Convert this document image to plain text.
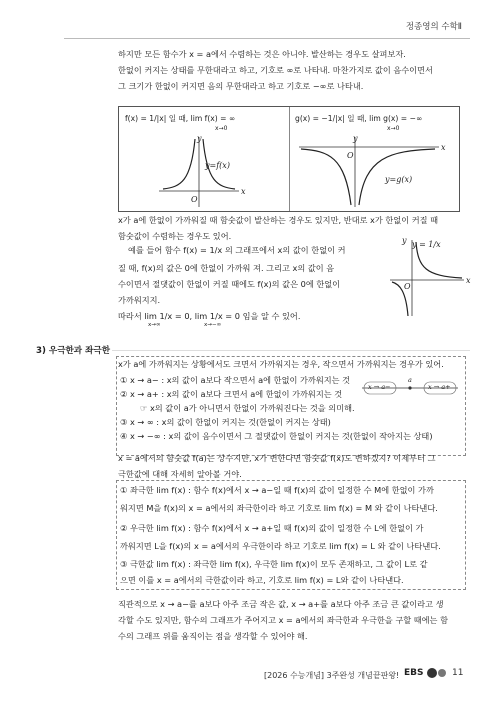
정종영의 수학Ⅱ
하지만 모든 함수가 x = a에서 수렴하는 것은 아니야. 발산하는 경우도 살펴보자.
한없이 커지는 상태를 무한대라고 하고, 기호로 ∞로 나타내. 마찬가지로 값이 음수이면서
그 크기가 한없이 커지면 음의 무한대라고 하고 기호로 −∞로 나타내.
f(x) = 1/|x| 일 때, lim f(x) = ∞
x→0
y
x
O
y=f(x)
g(x) = −1/|x| 일 때, lim g(x) = −∞
x→0
y
x
O
y=g(x)
x가 a에 한없이 가까워질 때 함숫값이 발산하는 경우도 있지만, 반대로 x가 한없이 커질 때
함숫값이 수렴하는 경우도 있어.
예를 들어 함수 f(x) = 1/x 의 그래프에서 x의 값이 한없이 커
질 때, f(x)의 값은 0에 한없이 가까워 져. 그리고 x의 값이 음
수이면서 절댓값이 한없이 커질 때에도 f(x)의 값은 0에 한없이
가까워지지.
따라서 lim 1/x = 0, lim 1/x = 0 임을 알 수 있어.
x→∞	x→−∞
y = 1/x
y
x
O
3) 우극한과 좌극한
x가 a에 가까워지는 상황에서도 크면서 가까워지는 경우, 작으면서 가까워지는 경우가 있어.
① x → a− : x의 값이 a보다 작으면서 a에 한없이 가까워지는 것
② x → a+ : x의 값이 a보다 크면서 a에 한없이 가까워지는 것
☞ x의 값이 a가 아니면서 한없이 가까워진다는 것을 의미해.
③ x → ∞ : x의 값이 한없이 커지는 것(한없이 커지는 상태)
④ x → −∞ : x의 값이 음수이면서 그 절댓값이 한없이 커지는 것(한없이 작아지는 상태)
x → a−
a
x → a+
x = a에서의 함숫값 f(a)는 상수지만, x가 변한다면 함숫값 f(x)도 변하겠지? 이제부터 그
극한값에 대해 자세히 알아볼 거야.
① 좌극한 lim f(x) : 함수 f(x)에서 x → a−일 때 f(x)의 값이 일정한 수 M에 한없이 가까
워지면 M을 f(x)의 x = a에서의 좌극한이라 하고 기호로 lim f(x) = M 와 같이 나타낸다.
② 우극한 lim f(x) : 함수 f(x)에서 x → a+일 때 f(x)의 값이 일정한 수 L에 한없이 가
까워지면 L을 f(x)의 x = a에서의 우극한이라 하고 기호로 lim f(x) = L 와 같이 나타낸다.
③ 극한값 lim f(x) : 좌극한 lim f(x), 우극한 lim f(x)이 모두 존재하고, 그 값이 L로 같
으면 이를 x = a에서의 극한값이라 하고, 기호로 lim f(x) = L와 같이 나타낸다.
직관적으로 x → a−를 a보다 아주 조금 작은 값, x → a+를 a보다 아주 조금 큰 값이라고 생
각할 수도 있지만, 함수의 그래프가 주어지고 x = a에서의 좌극한과 우극한을 구할 때에는 함
수의 그래프 위를 움직이는 점을 생각할 수 있어야 해.
[2026 수능개념] 3주완성 개념끝판왕! EBS	11
